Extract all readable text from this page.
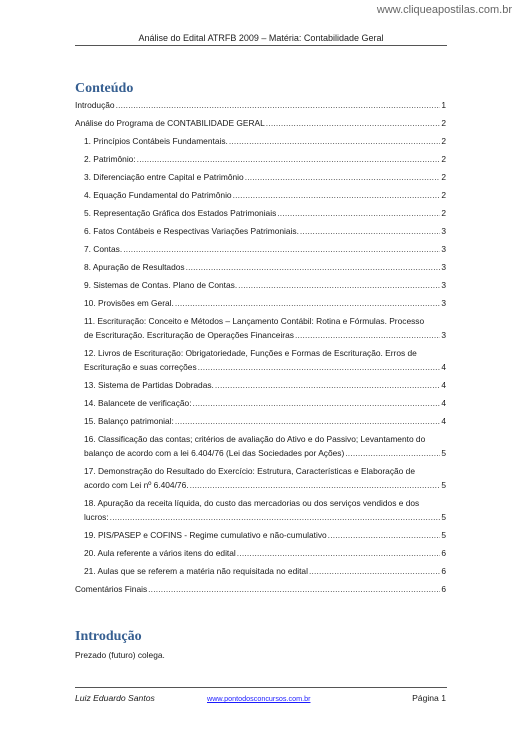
www.cliqueapostilas.com.br
Análise do Edital ATRFB 2009 – Matéria: Contabilidade Geral
Conteúdo
Introdução .....	1
Análise do Programa de CONTABILIDADE GERAL .....	2
1. Princípios Contábeis Fundamentais. .....	2
2. Patrimônio: .....	2
3. Diferenciação entre Capital e Patrimônio .....	2
4. Equação Fundamental do Patrimônio .....	2
5. Representação Gráfica dos Estados Patrimoniais .....	2
6. Fatos Contábeis e Respectivas Variações Patrimoniais. .....	3
7. Contas. .....	3
8. Apuração de Resultados .....	3
9. Sistemas de Contas. Plano de Contas. .....	3
10. Provisões em Geral. .....	3
11. Escrituração: Conceito e Métodos – Lançamento Contábil: Rotina e Fórmulas. Processo
de Escrituração. Escrituração de Operações Financeiras .....	3
12. Livros de Escrituração: Obrigatoriedade, Funções e Formas de Escrituração. Erros de
Escrituração e suas correções .....	4
13. Sistema de Partidas Dobradas. .....	4
14. Balancete de verificação: .....	4
15. Balanço patrimonial: .....	4
16. Classificação das contas; critérios de avaliação do Ativo e do Passivo; Levantamento do
balanço de acordo com a lei 6.404/76 (Lei das Sociedades por Ações) .....	5
17. Demonstração do Resultado do Exercício: Estrutura, Características e Elaboração de
acordo com Lei nº 6.404/76. .....	5
18. Apuração da receita líquida, do custo das mercadorias ou dos serviços vendidos e dos
lucros: .....	5
19. PIS/PASEP e COFINS - Regime cumulativo e não-cumulativo .....	5
20. Aula referente a vários itens do edital .....	6
21. Aulas que se referem a matéria não requisitada no edital .....	6
Comentários Finais .....	6
Introdução
Prezado (futuro) colega.
Luiz Eduardo Santos	www.pontodosconcursos.com.br	Página 1
